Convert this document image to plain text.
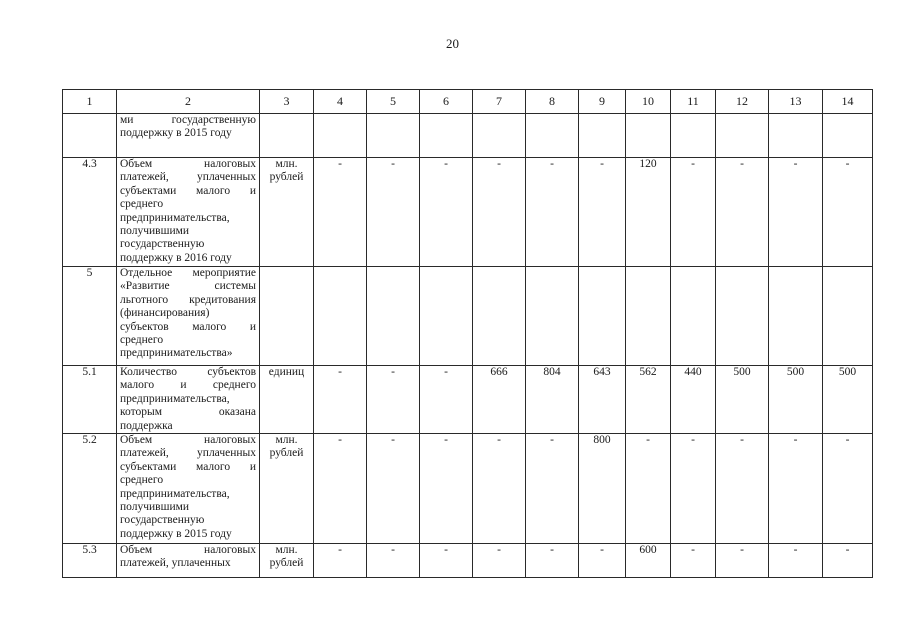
20
1	2	3	4	5	6	7	8	9	10	11	12	13	14
	ми государственную поддержку в 2015 году												
4.3	Объем налоговых платежей, уплаченных субъектами малого и среднего предпринимательства, получившими государственную поддержку в 2016 году	млн. рублей	-	-	-	-	-	-	120	-	-	-	-
5	Отдельное мероприятие «Развитие системы льготного кредитования (финансирования) субъектов малого и среднего предпринимательства»												
5.1	Количество субъектов малого и среднего предпринимательства, которым оказана поддержка	единиц	-	-	-	666	804	643	562	440	500	500	500
5.2	Объем налоговых платежей, уплаченных субъектами малого и среднего предпринимательства, получившими государственную поддержку в 2015 году	млн. рублей	-	-	-	-	-	800	-	-	-	-	-
5.3	Объем налоговых платежей, уплаченных	млн. рублей	-	-	-	-	-	-	600	-	-	-	-
